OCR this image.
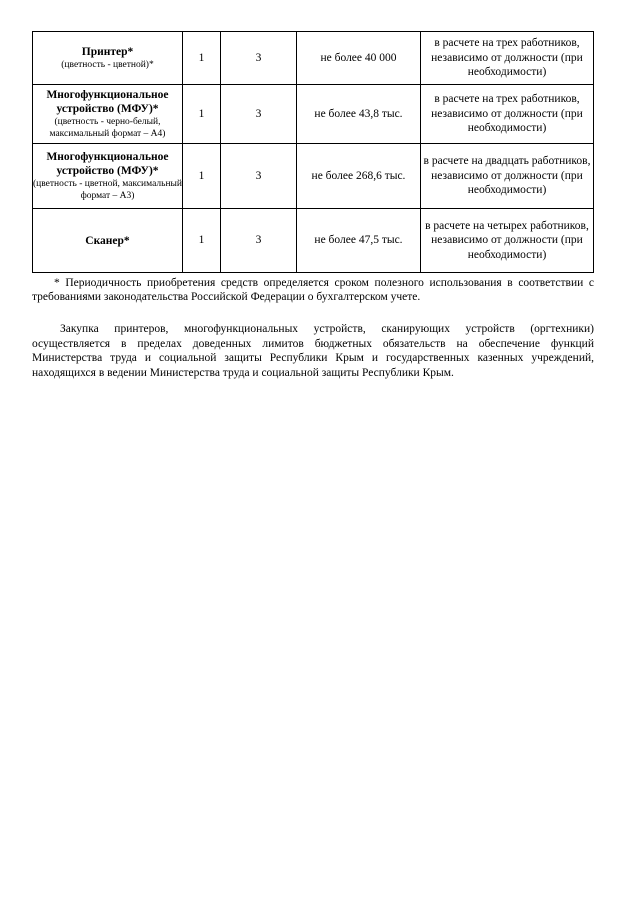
Принтер*
(цветность - цветной)*	1	3	не более 40 000	в расчете на трех работников, независимо от должности (при необходимости)

Многофункциональное устройство (МФУ)*
(цветность - черно-белый, максимальный формат – А4)	1	3	не более 43,8 тыс.	в расчете на трех работников, независимо от должности (при необходимости)

Многофункциональное устройство (МФУ)*
(цветность - цветной, максимальный формат – А3)	1	3	не более 268,6 тыс.	в расчете на двадцать работников, независимо от должности (при необходимости)

Сканер*	1	3	не более 47,5 тыс.	в расчете на четырех работников, независимо от должности (при необходимости)

* Периодичность приобретения средств определяется сроком полезного использования в соответствии с требованиями законодательства Российской Федерации о бухгалтерском учете.

Закупка принтеров, многофункциональных устройств, сканирующих устройств (оргтехники) осуществляется в пределах доведенных лимитов бюджетных обязательств на обеспечение функций Министерства труда и социальной защиты Республики Крым и государственных казенных учреждений, находящихся в ведении Министерства труда и социальной защиты Республики Крым.
